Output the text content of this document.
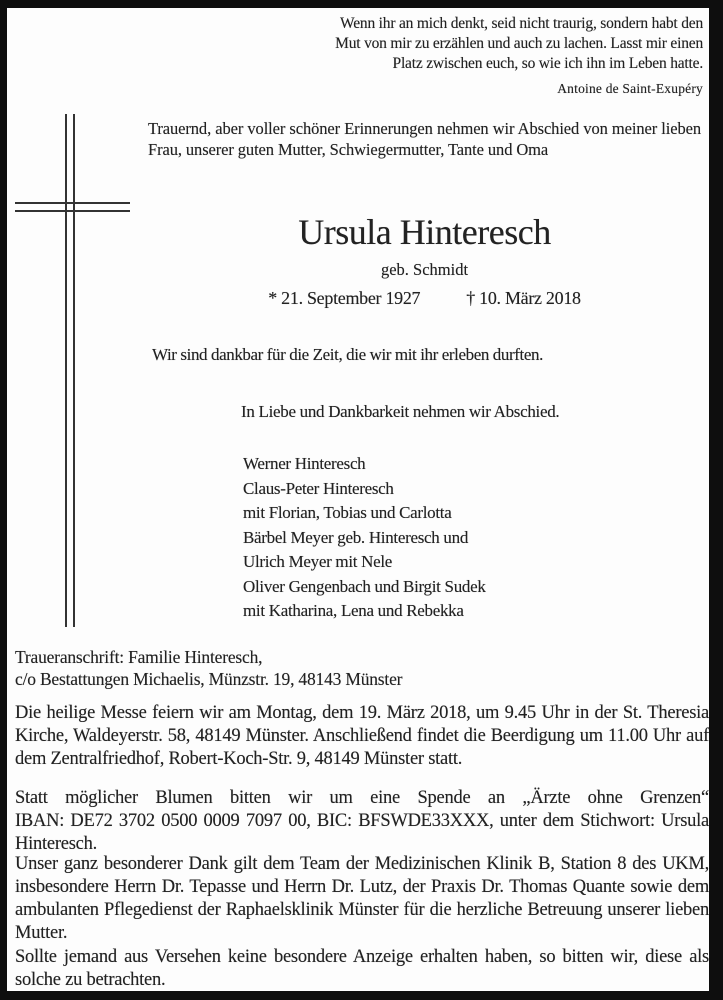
Wenn ihr an mich denkt, seid nicht traurig, sondern habt den
Mut von mir zu erzählen und auch zu lachen. Lasst mir einen
Platz zwischen euch, so wie ich ihn im Leben hatte.
Antoine de Saint-Exupéry
Trauernd, aber voller schöner Erinnerungen nehmen wir Abschied von meiner lieben Frau, unserer guten Mutter, Schwiegermutter, Tante und Oma
Ursula Hinteresch
geb. Schmidt
* 21. September 1927	† 10. März 2018
Wir sind dankbar für die Zeit, die wir mit ihr erleben durften.
In Liebe und Dankbarkeit nehmen wir Abschied.
Werner Hinteresch
Claus-Peter Hinteresch
mit Florian, Tobias und Carlotta
Bärbel Meyer geb. Hinteresch und
Ulrich Meyer mit Nele
Oliver Gengenbach und Birgit Sudek
mit Katharina, Lena und Rebekka
Traueranschrift: Familie Hinteresch,
c/o Bestattungen Michaelis, Münzstr. 19, 48143 Münster

Die heilige Messe feiern wir am Montag, dem 19. März 2018, um 9.45 Uhr in der St. Theresia Kirche, Waldeyerstr. 58, 48149 Münster. Anschließend findet die Beerdigung um 11.00 Uhr auf dem Zentralfriedhof, Robert-Koch-Str. 9, 48149 Münster statt.

Statt möglicher Blumen bitten wir um eine Spende an „Ärzte ohne Grenzen“
IBAN: DE72 3702 0500 0009 7097 00, BIC: BFSWDE33XXX, unter dem Stichwort: Ursula Hinteresch.

Unser ganz besonderer Dank gilt dem Team der Medizinischen Klinik B, Station 8 des UKM, insbesondere Herrn Dr. Tepasse und Herrn Dr. Lutz, der Praxis Dr. Thomas Quante sowie dem ambulanten Pflegedienst der Raphaelsklinik Münster für die herzliche Betreuung unserer lieben Mutter.

Sollte jemand aus Versehen keine besondere Anzeige erhalten haben, so bitten wir, diese als solche zu betrachten.
